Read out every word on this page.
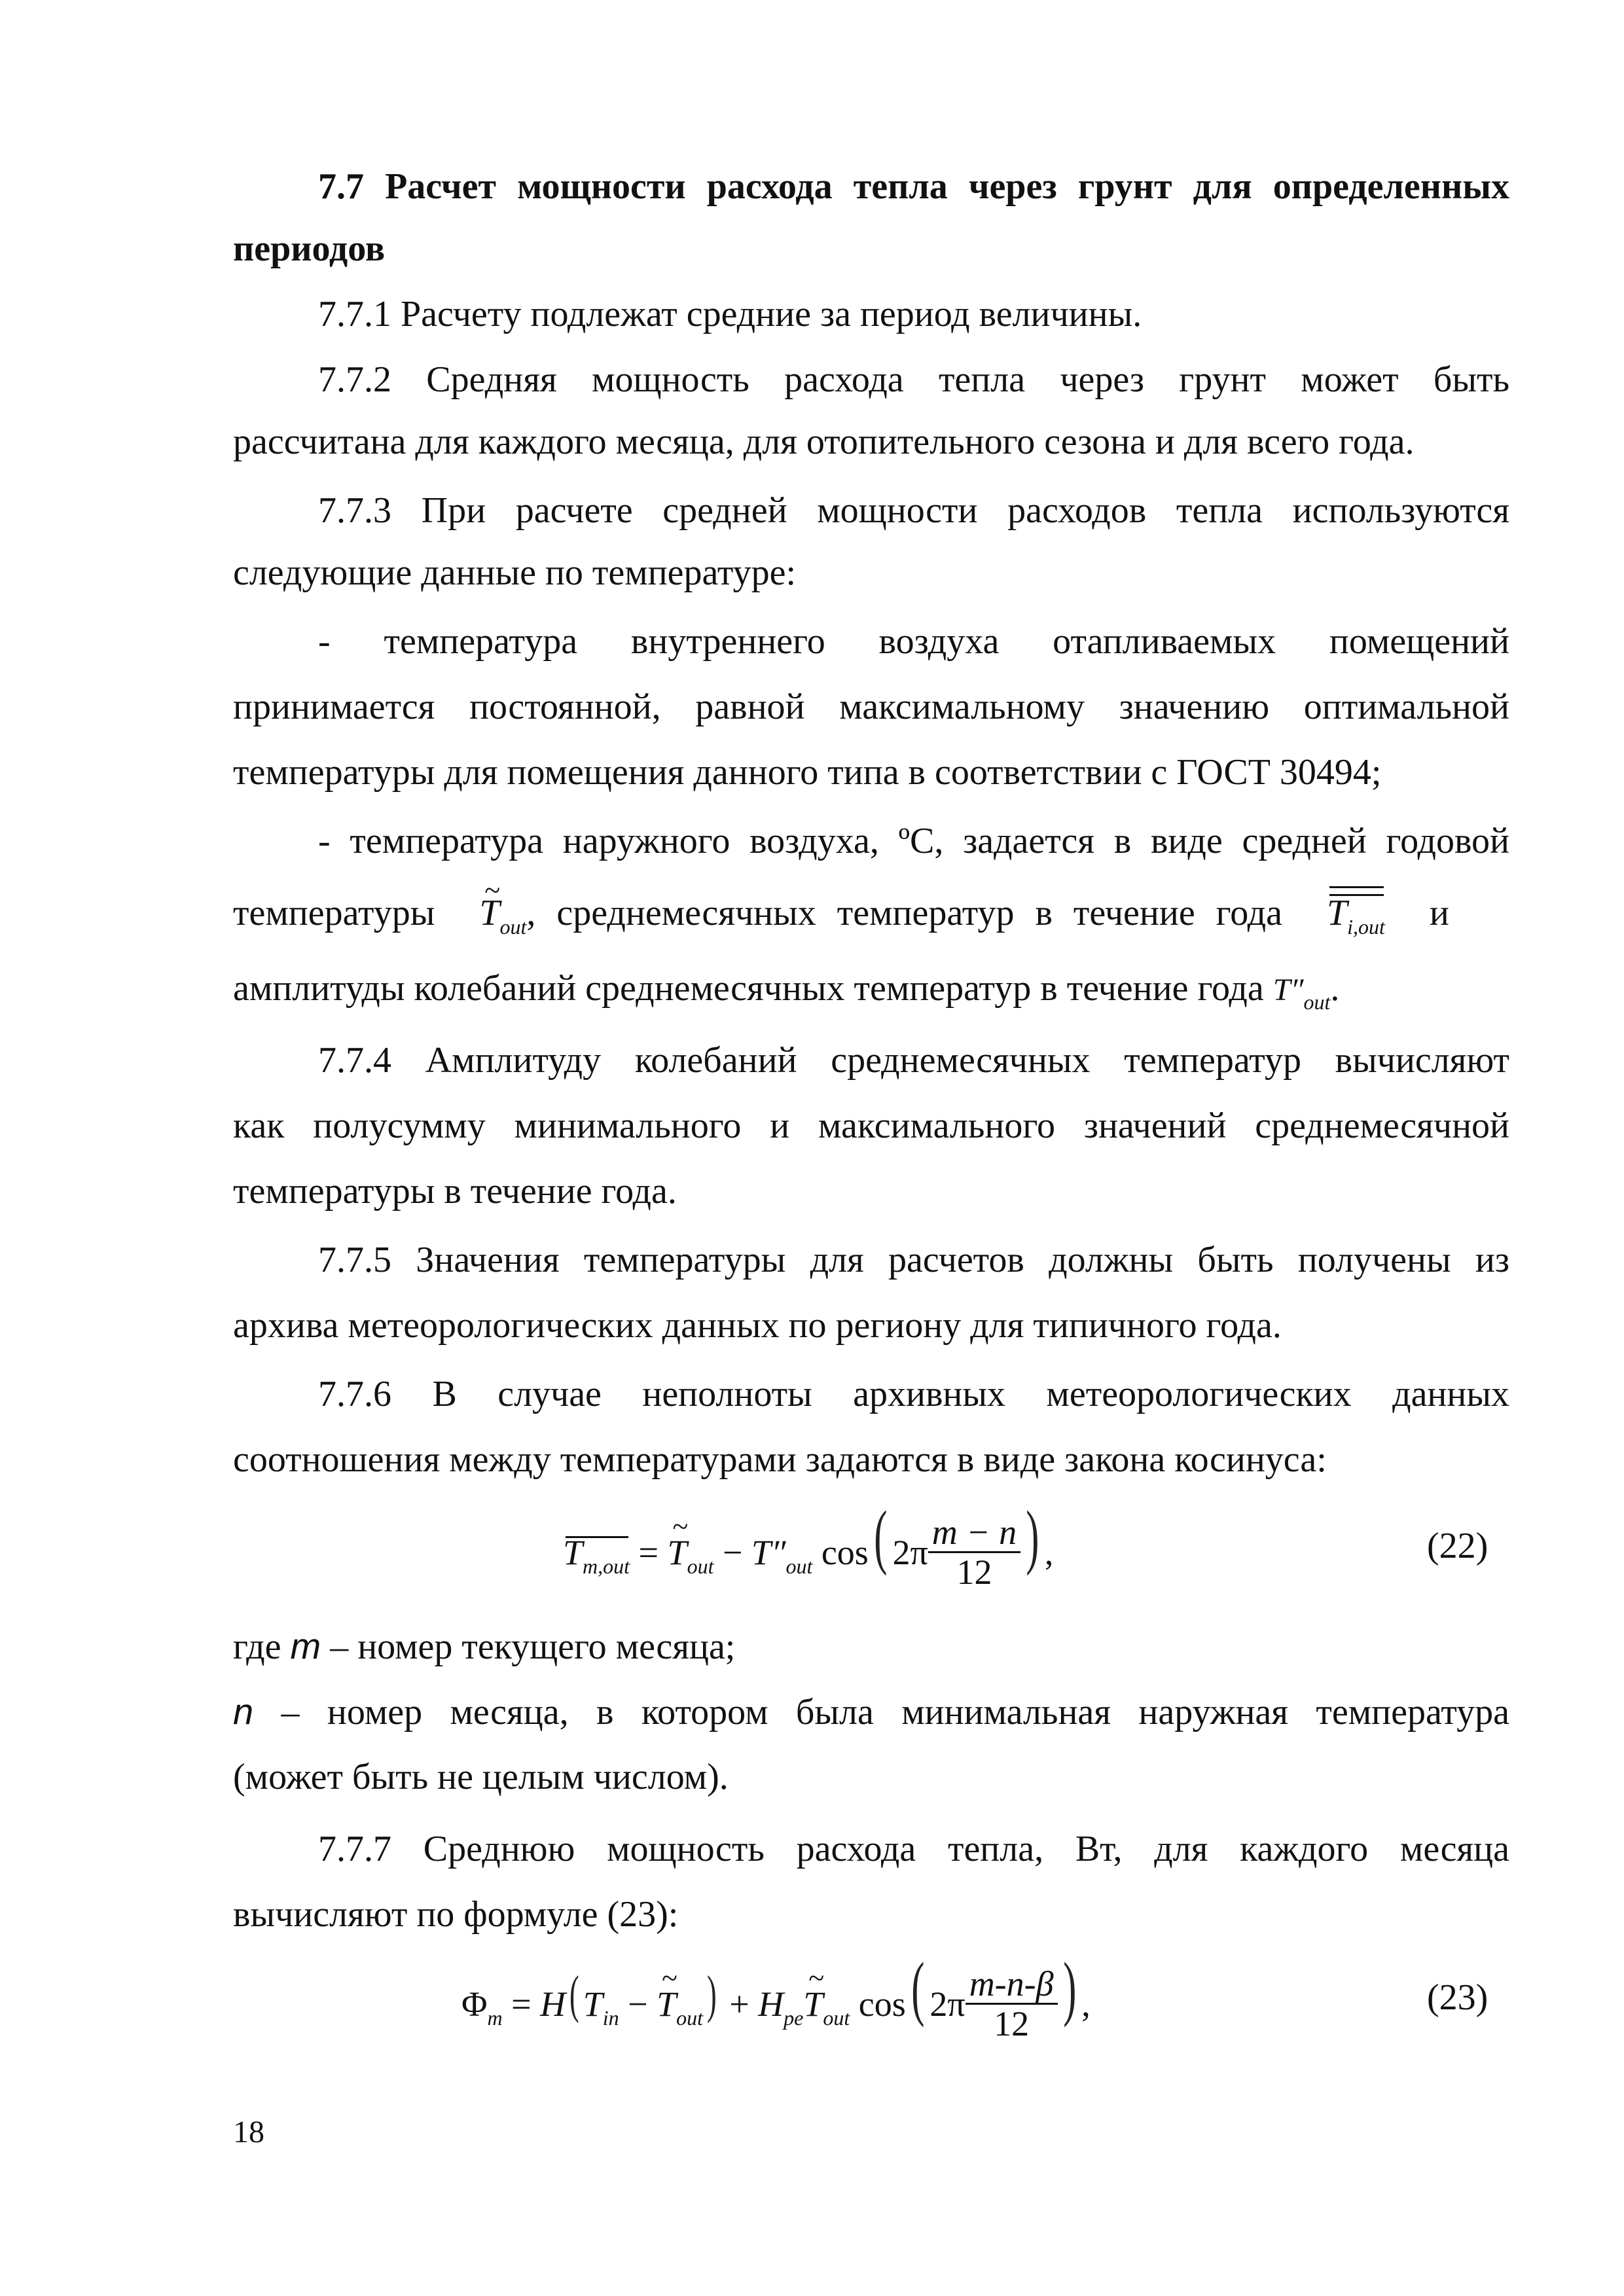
7.7 Расчет мощности расхода тепла через грунт для определенных
периодов
7.7.1 Расчету подлежат средние за период величины.
7.7.2 Средняя мощность расхода тепла через грунт может быть
рассчитана для каждого месяца, для отопительного сезона и для всего года.
7.7.3 При расчете средней мощности расходов тепла используются
следующие данные по температуре:
- температура внутреннего воздуха отапливаемых помещений
принимается постоянной, равной максимальному значению оптимальной
температуры для помещения данного типа в соответствии с ГОСТ 30494;
- температура наружного воздуха, ºС, задается в виде средней годовой
температуры  ~ $T_{out}$, среднемесячных температур в течение года $T_{i,out}$ и
амплитуды колебаний среднемесячных температур в течение года $T''_{out}$.
7.7.4 Амплитуду колебаний среднемесячных температур вычисляют
как полусумму минимального и максимального значений среднемесячной
температуры в течение года.
7.7.5 Значения температуры для расчетов должны быть получены из
архива метеорологических данных по региону для типичного года.
7.7.6 В случае неполноты архивных метеорологических данных
соотношения между температурами задаются в виде закона косинуса:
$T_{m,out}$ = ~ $T_{out} - T''_{out}$ cos( $2\pi \frac{m - n}{12}$ ) ,	(22)
где m – номер текущего месяца;
n – номер месяца, в котором была минимальная наружная температура
(может быть не целым числом).
7.7.7 Среднюю мощность расхода тепла, Вт, для каждого месяца
вычисляют по формуле (23):
$\Phi_m = H$( $T_{in}$ − ~ $T_{out}$) + $H_{pe}\sim$ $T_{out}$ cos( $2\pi \frac{m-n-\beta}{12}$ ) ,	(23)
18
